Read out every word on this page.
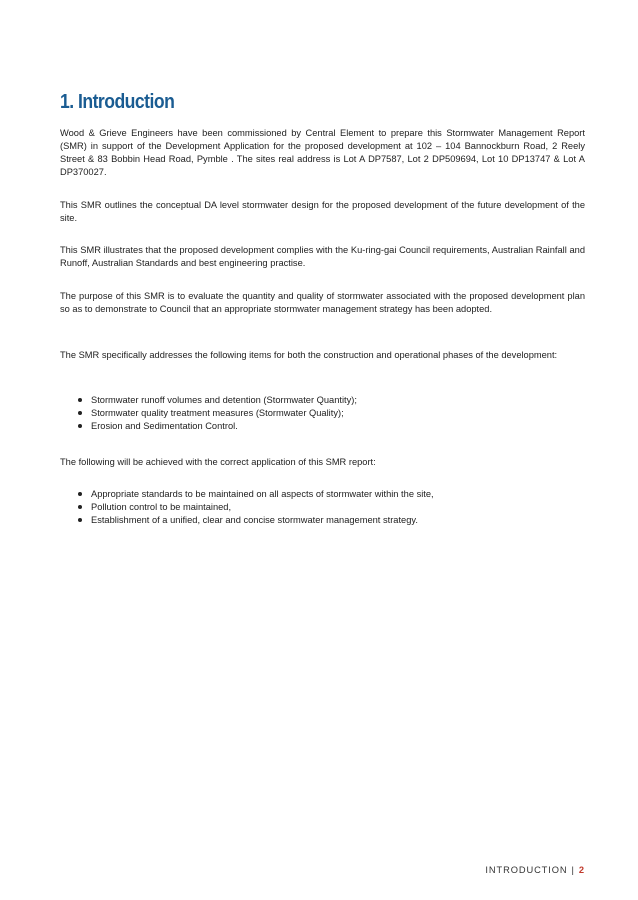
1. Introduction

Wood & Grieve Engineers have been commissioned by Central Element to prepare this Stormwater Management Report (SMR) in support of the Development Application for the proposed development at 102 – 104 Bannockburn Road, 2 Reely Street & 83 Bobbin Head Road, Pymble . The sites real address is Lot A DP7587, Lot 2 DP509694, Lot 10 DP13747 & Lot A DP370027.

This SMR outlines the conceptual DA level stormwater design for the proposed development of the future development of the site.

This SMR illustrates that the proposed development complies with the Ku-ring-gai Council requirements, Australian Rainfall and Runoff, Australian Standards and best engineering practise.

The purpose of this SMR is to evaluate the quantity and quality of stormwater associated with the proposed development plan so as to demonstrate to Council that an appropriate stormwater management strategy has been adopted.

The SMR specifically addresses the following items for both the construction and operational phases of the development:

Stormwater runoff volumes and detention (Stormwater Quantity);
Stormwater quality treatment measures (Stormwater Quality);
Erosion and Sedimentation Control.

The following will be achieved with the correct application of this SMR report:

Appropriate standards to be maintained on all aspects of stormwater within the site,
Pollution control to be maintained,
Establishment of a unified, clear and concise stormwater management strategy.
INTRODUCTION | 2
